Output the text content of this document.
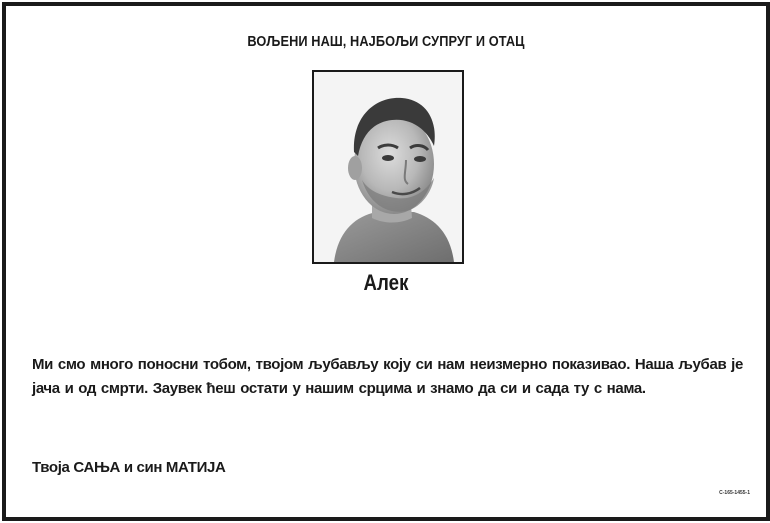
ВОЉЕНИ НАШ, НАЈБОЉИ СУПРУГ И ОТАЦ
Алек
Ми смо много поносни тобом, твојом љубављу коју си нам неизмерно показивао. Наша љубав је јача и од смрти. Заувек ћеш остати у нашим срцима и знамо да си и сада ту с нама.
Твоја САЊА и син МАТИЈА
С-165-1455-1
